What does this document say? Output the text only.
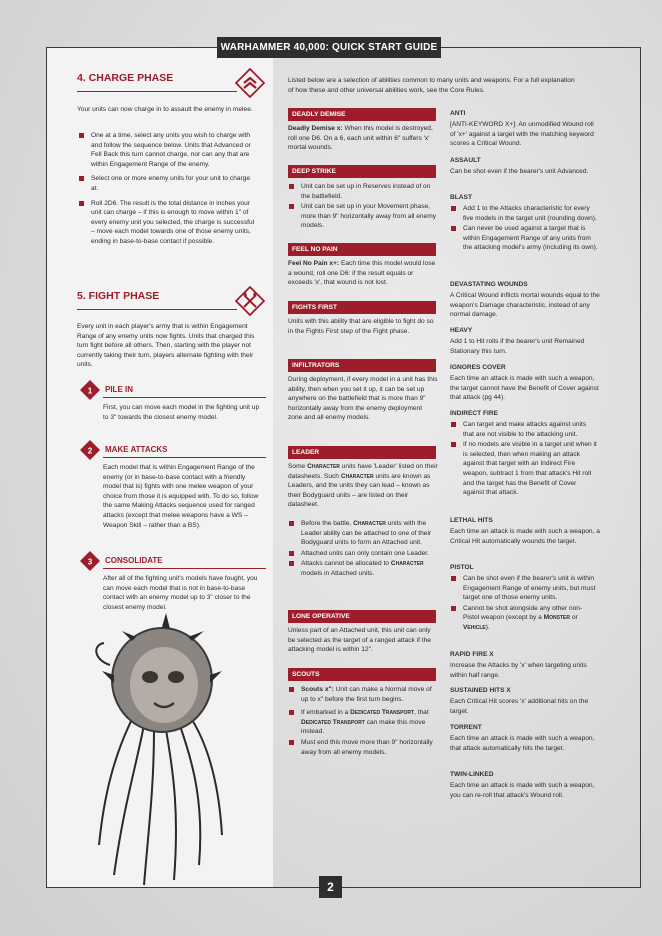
WARHAMMER 40,000: QUICK START GUIDE
4. CHARGE PHASE
Your units can now charge in to assault the enemy in melee.
One at a time, select any units you wish to charge with and follow the sequence below. Units that Advanced or Fell Back this turn cannot charge, nor can any that are within Engagement Range of the enemy.
Select one or more enemy units for your unit to charge at.
Roll 2D6. The result is the total distance in inches your unit can charge – if this is enough to move within 1" of every enemy unit you selected, the charge is successful – move each model towards one of those enemy units, ending in base-to-base contact if possible.
5. FIGHT PHASE
Every unit in each player's army that is within Engagement Range of any enemy units now fights. Units that charged this turn fight before all others. Then, starting with the player not currently taking their turn, players alternate fighting with their units.
1 PILE IN
First, you can move each model in the fighting unit up to 3" towards the closest enemy model.
2 MAKE ATTACKS
Each model that is within Engagement Range of the enemy (or in base-to-base contact with a friendly model that is) fights with one melee weapon of your choice from those it is equipped with. To do so, follow the same Making Attacks sequence used for ranged attacks (except that melee weapons have a WS – Weapon Skill – rather than a BS).
3 CONSOLIDATE
After all of the fighting unit's models have fought, you can move each model that is not in base-to-base contact with an enemy model up to 3" closer to the closest enemy model.
Listed below are a selection of abilities common to many units and weapons. For a full explanation of how these and other universal abilities work, see the Core Rules.
DEADLY DEMISE
Deadly Demise x: When this model is destroyed, roll one D6. On a 6, each unit within 6" suffers 'x' mortal wounds.
DEEP STRIKE
Unit can be set up in Reserves instead of on the battlefield.
Unit can be set up in your Movement phase, more than 9" horizontally away from all enemy models.
FEEL NO PAIN
Feel No Pain x+: Each time this model would lose a wound, roll one D6: if the result equals or exceeds 'x', that wound is not lost.
FIGHTS FIRST
Units with this ability that are eligible to fight do so in the Fights First step of the Fight phase.
INFILTRATORS
During deployment, if every model in a unit has this ability, then when you set it up, it can be set up anywhere on the battlefield that is more than 9" horizontally away from the enemy deployment zone and all enemy models.
LEADER
Some Character units have 'Leader' listed on their datasheets. Such Character units are known as Leaders, and the units they can lead – known as their Bodyguard units – are listed on their datasheet.
Before the battle, Character units with the Leader ability can be attached to one of their Bodyguard units to form an Attached unit.
Attached units can only contain one Leader.
Attacks cannot be allocated to Character models in Attached units.
LONE OPERATIVE
Unless part of an Attached unit, this unit can only be selected as the target of a ranged attack if the attacking model is within 12".
SCOUTS
Scouts x": Unit can make a Normal move of up to x" before the first turn begins.
If embarked in a Dedicated Transport, that Dedicated Transport can make this move instead.
Must end this move more than 9" horizontally away from all enemy models.
ANTI
[ANTI-KEYWORD X+]: An unmodified Wound roll of 'x+' against a target with the matching keyword scores a Critical Wound.
ASSAULT
Can be shot even if the bearer's unit Advanced.
BLAST
Add 1 to the Attacks characteristic for every five models in the target unit (rounding down).
Can never be used against a target that is within Engagement Range of any units from the attacking model's army (including its own).
DEVASTATING WOUNDS
A Critical Wound inflicts mortal wounds equal to the weapon's Damage characteristic, instead of any normal damage.
HEAVY
Add 1 to Hit rolls if the bearer's unit Remained Stationary this turn.
IGNORES COVER
Each time an attack is made with such a weapon, the target cannot have the Benefit of Cover against that attack (pg 44).
INDIRECT FIRE
Can target and make attacks against units that are not visible to the attacking unit.
If no models are visible in a target unit when it is selected, then when making an attack against that target with an Indirect Fire weapon, subtract 1 from that attack's Hit roll and the target has the Benefit of Cover against that attack.
LETHAL HITS
Each time an attack is made with such a weapon, a Critical Hit automatically wounds the target.
PISTOL
Can be shot even if the bearer's unit is within Engagement Range of enemy units, but must target one of those enemy units.
Cannot be shot alongside any other non-Pistol weapon (except by a Monster or Vehicle).
RAPID FIRE X
Increase the Attacks by 'x' when targeting units within half range.
SUSTAINED HITS X
Each Critical Hit scores 'x' additional hits on the target.
TORRENT
Each time an attack is made with such a weapon, that attack automatically hits the target.
TWIN-LINKED
Each time an attack is made with such a weapon, you can re-roll that attack's Wound roll.
2
